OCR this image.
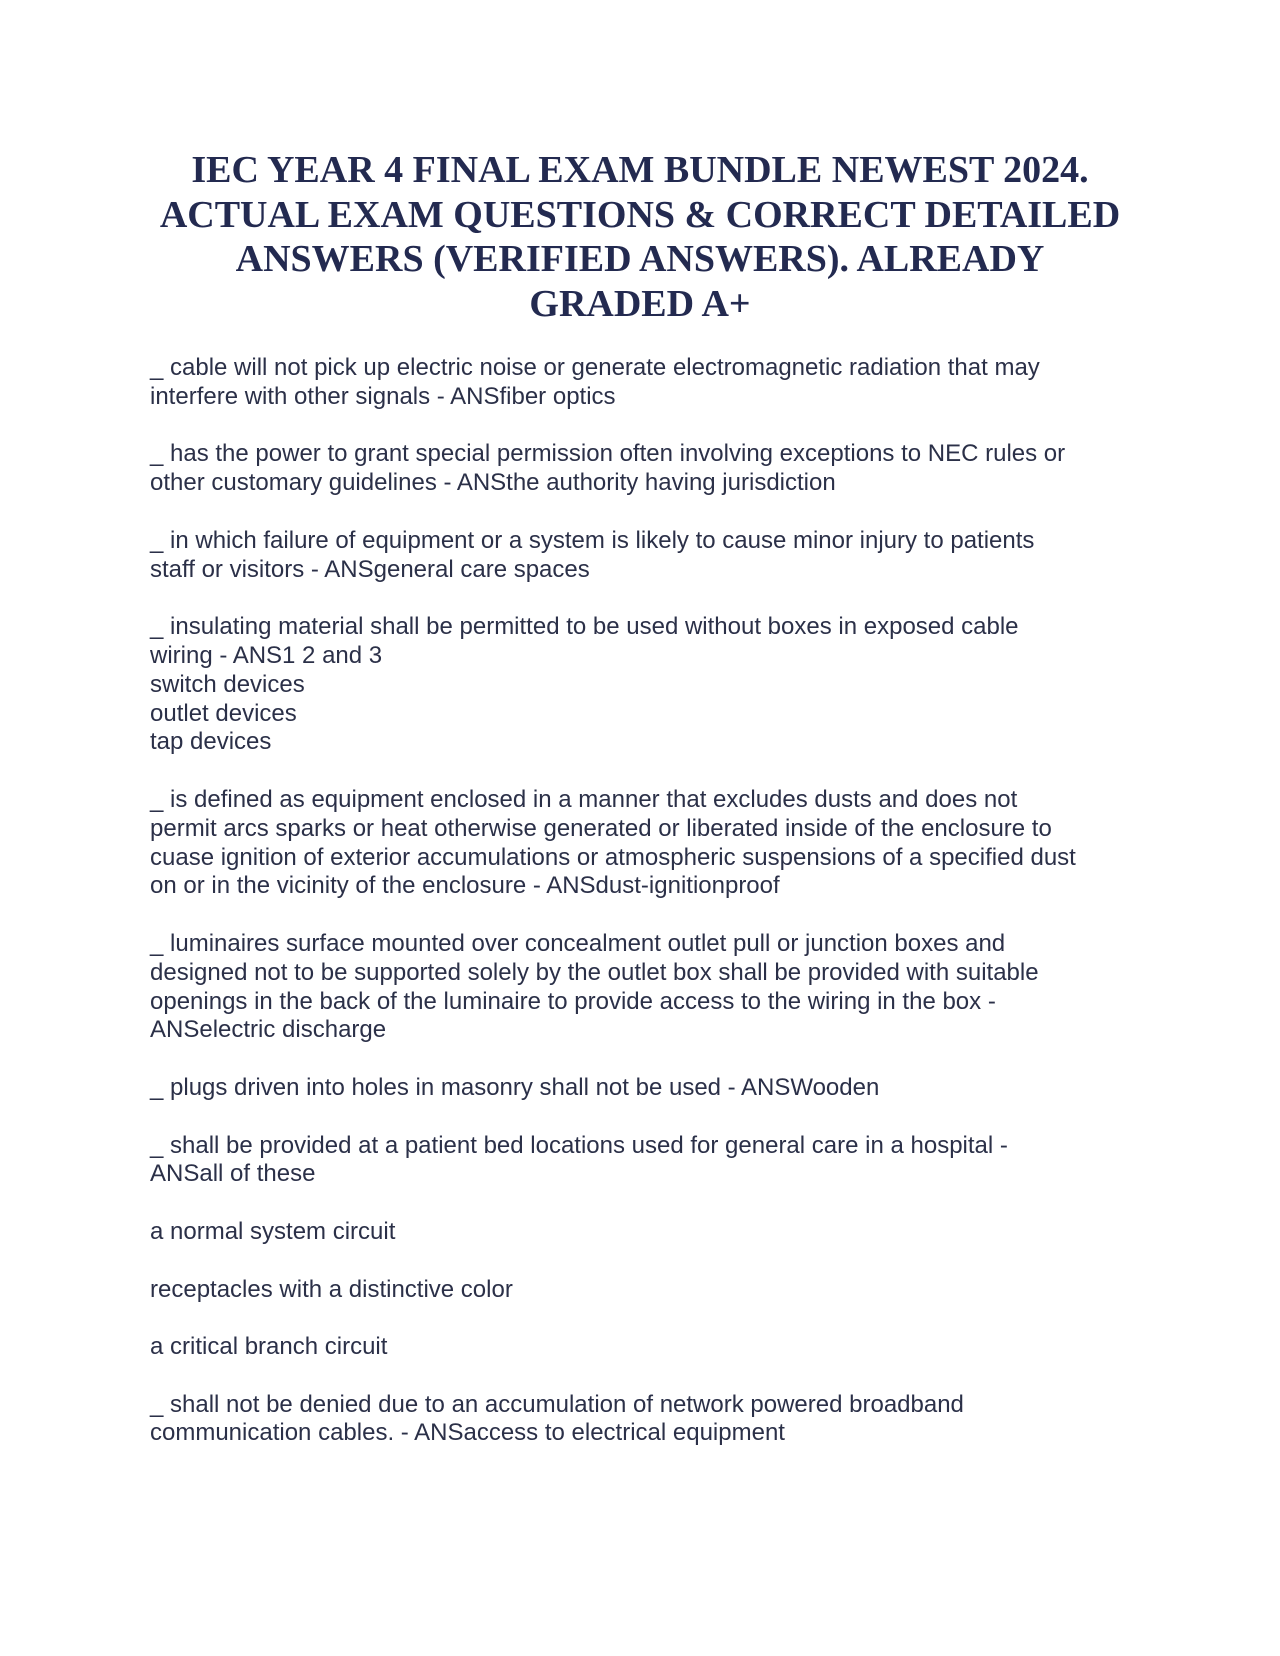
IEC YEAR 4 FINAL EXAM BUNDLE NEWEST 2024.
ACTUAL EXAM QUESTIONS & CORRECT DETAILED
ANSWERS (VERIFIED ANSWERS). ALREADY
GRADED A+

_ cable will not pick up electric noise or generate electromagnetic radiation that may
interfere with other signals - ANSfiber optics

_ has the power to grant special permission often involving exceptions to NEC rules or
other customary guidelines - ANSthe authority having jurisdiction

_ in which failure of equipment or a system is likely to cause minor injury to patients
staff or visitors - ANSgeneral care spaces

_ insulating material shall be permitted to be used without boxes in exposed cable
wiring - ANS1 2 and 3
switch devices
outlet devices
tap devices

_ is defined as equipment enclosed in a manner that excludes dusts and does not
permit arcs sparks or heat otherwise generated or liberated inside of the enclosure to
cuase ignition of exterior accumulations or atmospheric suspensions of a specified dust
on or in the vicinity of the enclosure - ANSdust-ignitionproof

_ luminaires surface mounted over concealment outlet pull or junction boxes and
designed not to be supported solely by the outlet box shall be provided with suitable
openings in the back of the luminaire to provide access to the wiring in the box -
ANSelectric discharge

_ plugs driven into holes in masonry shall not be used - ANSWooden

_ shall be provided at a patient bed locations used for general care in a hospital -
ANSall of these

a normal system circuit

receptacles with a distinctive color

a critical branch circuit

_ shall not be denied due to an accumulation of network powered broadband
communication cables. - ANSaccess to electrical equipment
